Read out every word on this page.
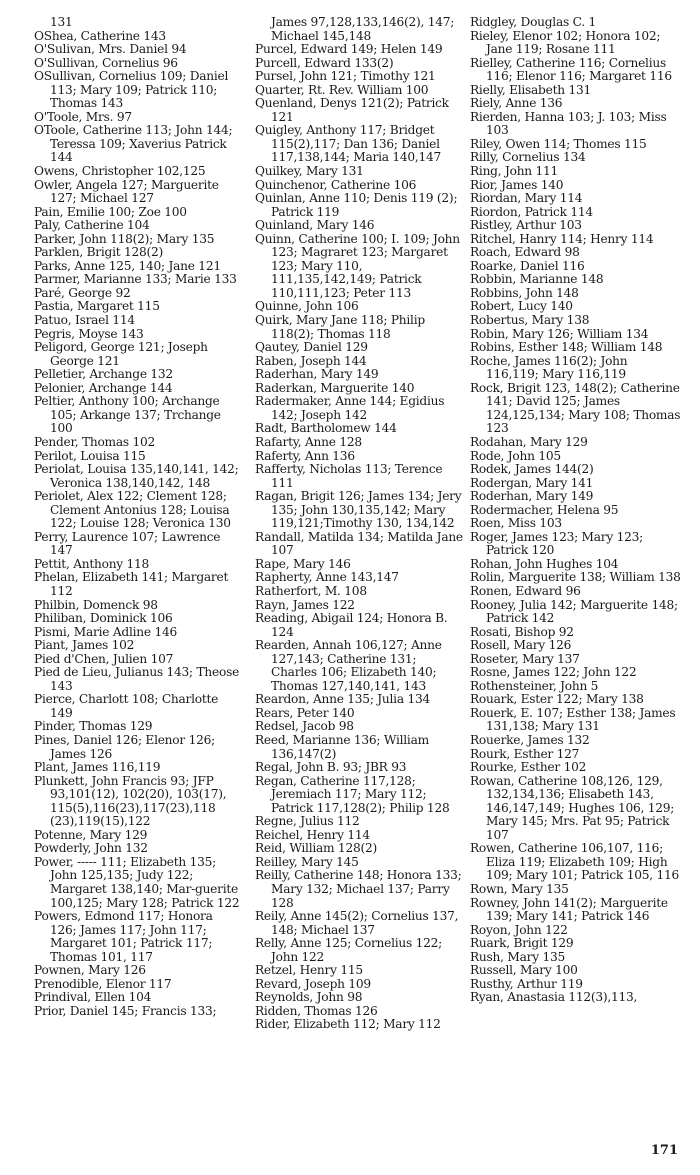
131
OShea, Catherine 143
O'Sulivan, Mrs. Daniel 94
O'Sullivan, Cornelius 96
OSullivan, Cornelius 109; Daniel 113; Mary 109; Patrick 110; Thomas 143
O'Toole, Mrs. 97
OToole, Catherine 113; John 144; Teressa 109; Xaverius Patrick 144
Owens, Christopher 102,125
Owler, Angela 127; Marguerite 127; Michael 127
Pain, Emilie 100; Zoe 100
Paly, Catherine 104
Parker, John 118(2); Mary 135
Parklen, Brigit 128(2)
Parks, Anne 125, 140; Jane 121
Parmer, Marianne 133; Marie 133
Paré, George 92
Pastia, Margaret 115
Patuo, Israel 114
Pegris, Moyse 143
Peligord, George 121; Joseph George 121
Pelletier, Archange 132
Pelonier, Archange 144
Peltier, Anthony 100; Archange 105; Arkange 137; Trchange 100
Pender, Thomas 102
Perilot, Louisa 115
Periolat, Louisa 135,140,141, 142; Veronica 138,140,142, 148
Periolet, Alex 122; Clement 128; Clement Antonius 128; Louisa 122; Louise 128; Veronica 130
Perry, Laurence 107; Lawrence 147
Pettit, Anthony 118
Phelan, Elizabeth 141; Margaret 112
Philbin, Domenck 98
Philiban, Dominick 106
Pismi, Marie Adline 146
Piant, James 102
Pied d'Chen, Julien 107
Pied de Lieu, Julianus 143; Theose 143
Pierce, Charlott 108; Charlotte 149
Pinder, Thomas 129
Pines, Daniel 126; Elenor 126; James 126
Plant, James 116,119
Plunkett, John Francis 93; JFP 93,101(12), 102(20), 103(17), 115(5),116(23),117(23),118 (23),119(15),122
Potenne, Mary 129
Powderly, John 132
Power, ----- 111; Elizabeth 135; John 125,135; Judy 122; Margaret 138,140; Mar-guerite 100,125; Mary 128; Patrick 122
Powers, Edmond 117; Honora 126; James 117; John 117; Margaret 101; Patrick 117; Thomas 101, 117
Pownen, Mary 126
Prenodible, Elenor 117
Prindival, Ellen 104
Prior, Daniel 145; Francis 133;
James 97,128,133,146(2), 147; Michael 145,148
Purcel, Edward 149; Helen 149
Purcell, Edward 133(2)
Pursel, John 121; Timothy 121
Quarter, Rt. Rev. William 100
Quenland, Denys 121(2); Patrick 121
Quigley, Anthony 117; Bridget 115(2),117; Dan 136; Daniel 117,138,144; Maria 140,147
Quilkey, Mary 131
Quinchenor, Catherine 106
Quinlan, Anne 110; Denis 119 (2); Patrick 119
Quinland, Mary 146
Quinn, Catherine 100; I. 109; John 123; Magraret 123; Margaret 123; Mary 110, 111,135,142,149; Patrick 110,111,123; Peter 113
Quinne, John 106
Quirk, Mary Jane 118; Philip 118(2); Thomas 118
Qautey, Daniel 129
Raben, Joseph 144
Raderhan, Mary 149
Raderkan, Marguerite 140
Radermaker, Anne 144; Egidius 142; Joseph 142
Radt, Bartholomew 144
Rafarty, Anne 128
Raferty, Ann 136
Rafferty, Nicholas 113; Terence 111
Ragan, Brigit 126; James 134; Jery 135; John 130,135,142; Mary 119,121;Timothy 130, 134,142
Randall, Matilda 134; Matilda Jane 107
Rape, Mary 146
Rapherty, Anne 143,147
Ratherfort, M. 108
Rayn, James 122
Reading, Abigail 124; Honora B. 124
Rearden, Annah 106,127; Anne 127,143; Catherine 131; Charles 106; Elizabeth 140; Thomas 127,140,141, 143
Reardon, Anne 135; Julia 134
Rears, Peter 140
Redsel, Jacob 98
Reed, Marianne 136; William 136,147(2)
Regal, John B. 93; JBR 93
Regan, Catherine 117,128; Jeremiach 117; Mary 112; Patrick 117,128(2); Philip 128
Regne, Julius 112
Reichel, Henry 114
Reid, William 128(2)
Reilley, Mary 145
Reilly, Catherine 148; Honora 133; Mary 132; Michael 137; Parry 128
Reily, Anne 145(2); Cornelius 137, 148; Michael 137
Relly, Anne 125; Cornelius 122; John 122
Retzel, Henry 115
Revard, Joseph 109
Reynolds, John 98
Ridden, Thomas 126
Rider, Elizabeth 112; Mary 112
Ridgley, Douglas C. 1
Rieley, Elenor 102; Honora 102; Jane 119; Rosane 111
Rielley, Catherine 116; Cornelius 116; Elenor 116; Margaret 116
Rielly, Elisabeth 131
Riely, Anne 136
Rierden, Hanna 103; J. 103; Miss 103
Riley, Owen 114; Thomes 115
Rilly, Cornelius 134
Ring, John 111
Rior, James 140
Riordan, Mary 114
Riordon, Patrick 114
Ristley, Arthur 103
Ritchel, Hanry 114; Henry 114
Roach, Edward 98
Roarke, Daniel 116
Robbin, Marianne 148
Robbins, John 148
Robert, Lucy 140
Robertus, Mary 138
Robin, Mary 126; William 134
Robins, Esther 148; William 148
Roche, James 116(2); John 116,119; Mary 116,119
Rock, Brigit 123, 148(2); Catherine 141; David 125; James 124,125,134; Mary 108; Thomas 123
Rodahan, Mary 129
Rode, John 105
Rodek, James 144(2)
Rodergan, Mary 141
Roderhan, Mary 149
Rodermacher, Helena 95
Roen, Miss 103
Roger, James 123; Mary 123; Patrick 120
Rohan, John Hughes 104
Rolin, Marguerite 138; William 138
Ronen, Edward 96
Rooney, Julia 142; Marguerite 148; Patrick 142
Rosati, Bishop 92
Rosell, Mary 126
Roseter, Mary 137
Rosne, James 122; John 122
Rothensteiner, John 5
Rouark, Ester 122; Mary 138
Rouerk, E. 107; Esther 138; James 131,138; Mary 131
Rouerke, James 132
Rourk, Esther 127
Rourke, Esther 102
Rowan, Catherine 108,126, 129, 132,134,136; Elisabeth 143, 146,147,149; Hughes 106, 129; Mary 145; Mrs. Pat 95; Patrick 107
Rowen, Catherine 106,107, 116; Eliza 119; Elizabeth 109; High 109; Mary 101; Patrick 105, 116
Rown, Mary 135
Rowney, John 141(2); Marguerite 139; Mary 141; Patrick 146
Royon, John 122
Ruark, Brigit 129
Rush, Mary 135
Russell, Mary 100
Rusthy, Arthur 119
Ryan, Anastasia 112(3),113,
171
